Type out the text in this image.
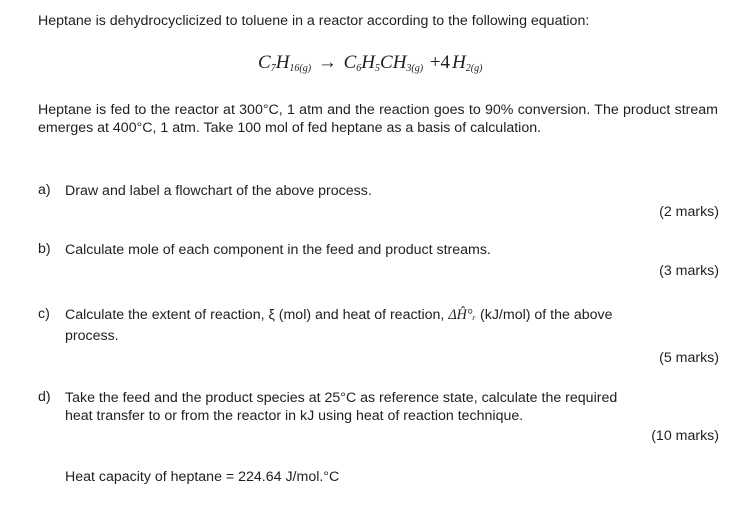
Heptane is dehydrocyclicized to toluene in a reactor according to the following equation:
$C_7H_{16(g)} \to C_6H_5CH_{3(g)} +4$ $H_{2(g)}$
Heptane is fed to the reactor at 300°C, 1 atm and the reaction goes to 90% conversion. The product stream emerges at 400°C, 1 atm. Take 100 mol of fed heptane as a basis of calculation.
a) Draw and label a flowchart of the above process.
(2 marks)
b) Calculate mole of each component in the feed and product streams.
(3 marks)
c) Calculate the extent of reaction, ξ (mol) and heat of reaction, ΔĤ°ᵣ (kJ/mol) of the above
process.
(5 marks)
d) Take the feed and the product species at 25°C as reference state, calculate the required
heat transfer to or from the reactor in kJ using heat of reaction technique.
(10 marks)
Heat capacity of heptane = 224.64 J/mol.°C
